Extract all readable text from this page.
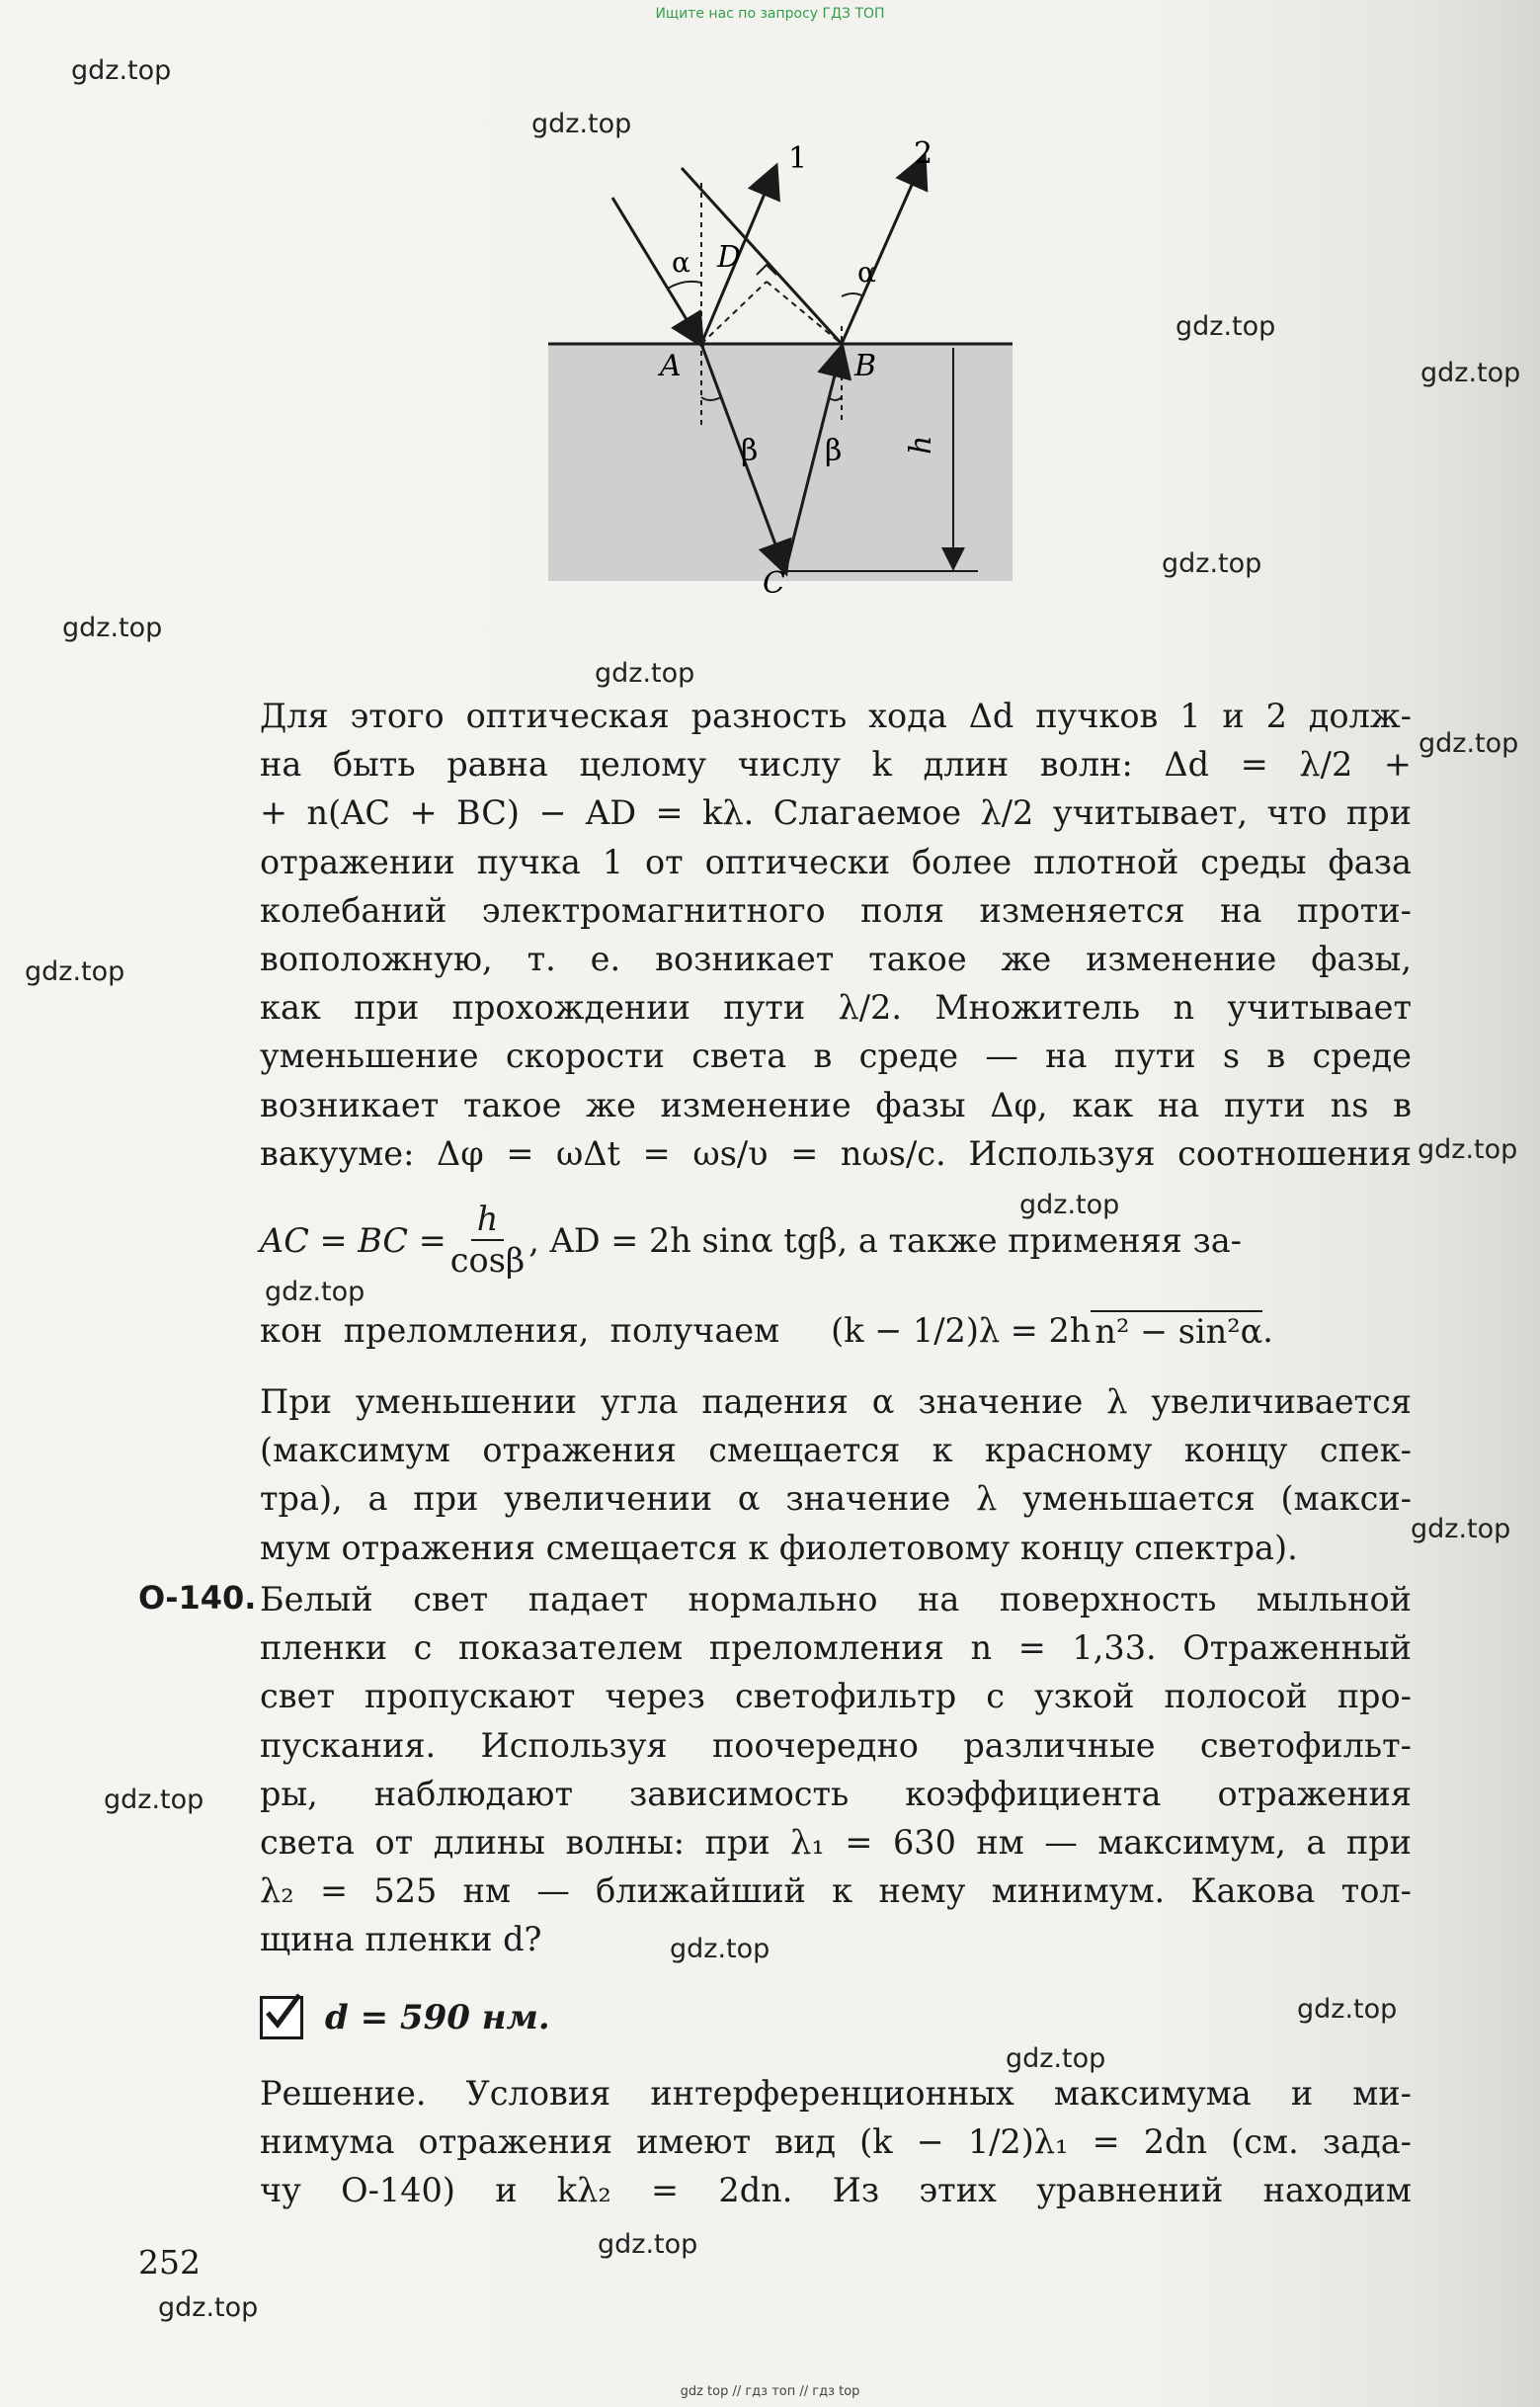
Ищите нас по запросу ГДЗ ТОП
gdz.top
gdz.top
gdz.top
gdz.top
gdz.top
gdz.top
gdz.top
gdz.top
gdz.top
gdz.top
gdz.top
gdz.top
gdz.top
gdz.top
gdz.top
gdz.top
gdz.top
gdz.top
gdz.top
1	2
α	α
D
A	B
β β
C
h
Для этого оптическая разность хода Δd пучков 1 и 2 долж-
на быть равна целому числу k длин волн: Δd = λ/2 +
+ n(AC + BC) − AD = kλ. Слагаемое λ/2 учитывает, что при
отражении пучка 1 от оптически более плотной среды фаза
колебаний электромагнитного поля изменяется на проти-
воположную, т. е. возникает такое же изменение фазы,
как при прохождении пути λ/2. Множитель n учитывает
уменьшение скорости света в среде — на пути s в среде
возникает такое же изменение фазы Δφ, как на пути ns в
вакууме: Δφ = ωΔt = ωs/υ = nωs/c. Используя соотношения
AC = BC = $\frac{h}{\cos\beta}$ , AD = 2h sinα tgβ, а также применяя за-
кон  преломления,  получаем (k − 1/2)λ = 2h n² − sin²α .
При уменьшении угла падения α значение λ увеличивается
(максимум отражения смещается к красному концу спек-
тра), а при увеличении α значение λ уменьшается (макси-
мум отражения смещается к фиолетовому концу спектра).
О-140. Белый свет падает нормально на поверхность мыльной
пленки с показателем преломления n = 1,33. Отраженный
свет пропускают через светофильтр с узкой полосой про-
пускания. Используя поочередно различные светофильт-
ры, наблюдают зависимость коэффициента отражения
света от длины волны: при λ₁ = 630 нм — максимум, а при
λ₂ = 525 нм — ближайший к нему минимум. Какова тол-
щина пленки d?
d = 590 нм.
Решение. Условия интерференционных максимума и ми-
нимума отражения имеют вид (k − 1/2)λ₁ = 2dn (см. зада-
чу О-140) и kλ₂ = 2dn. Из этих уравнений находим
252
gdz top // гдз топ // гдз top
